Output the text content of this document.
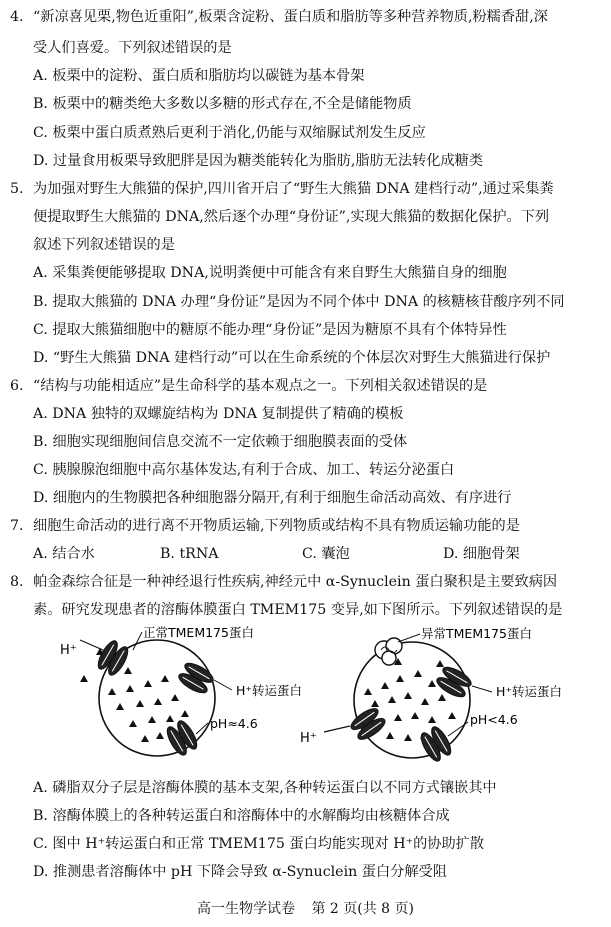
4. “新凉喜见栗,物色近重阳”,板栗含淀粉、蛋白质和脂肪等多种营养物质,粉糯香甜,深
受人们喜爱。下列叙述错误的是
A. 板栗中的淀粉、蛋白质和脂肪均以碳链为基本骨架
B. 板栗中的糖类绝大多数以多糖的形式存在,不全是储能物质
C. 板栗中蛋白质煮熟后更利于消化,仍能与双缩脲试剂发生反应
D. 过量食用板栗导致肥胖是因为糖类能转化为脂肪,脂肪无法转化成糖类
5. 为加强对野生大熊猫的保护,四川省开启了“野生大熊猫 DNA 建档行动”,通过采集粪
便提取野生大熊猫的 DNA,然后逐个办理“身份证”,实现大熊猫的数据化保护。下列
叙述下列叙述错误的是
A. 采集粪便能够提取 DNA,说明粪便中可能含有来自野生大熊猫自身的细胞
B. 提取大熊猫的 DNA 办理“身份证”是因为不同个体中 DNA 的核糖核苷酸序列不同
C. 提取大熊猫细胞中的糖原不能办理“身份证”是因为糖原不具有个体特异性
D. “野生大熊猫 DNA 建档行动”可以在生命系统的个体层次对野生大熊猫进行保护
6. “结构与功能相适应”是生命科学的基本观点之一。下列相关叙述错误的是
A. DNA 独特的双螺旋结构为 DNA 复制提供了精确的模板
B. 细胞实现细胞间信息交流不一定依赖于细胞膜表面的受体
C. 胰腺腺泡细胞中高尔基体发达,有利于合成、加工、转运分泌蛋白
D. 细胞内的生物膜把各种细胞器分隔开,有利于细胞生命活动高效、有序进行
7. 细胞生命活动的进行离不开物质运输,下列物质或结构不具有物质运输功能的是
A. 结合水	B. tRNA	C. 囊泡	D. 细胞骨架
8. 帕金森综合征是一种神经退行性疾病,神经元中 α-Synuclein 蛋白聚积是主要致病因
素。研究发现患者的溶酶体膜蛋白 TMEM175 变异,如下图所示。下列叙述错误的是
H⁺
正常TMEM175蛋白
H⁺转运蛋白
pH≈4.6
异常TMEM175蛋白
H⁺转运蛋白
pH<4.6
H⁺
A. 磷脂双分子层是溶酶体膜的基本支架,各种转运蛋白以不同方式镶嵌其中
B. 溶酶体膜上的各种转运蛋白和溶酶体中的水解酶均由核糖体合成
C. 图中 H⁺转运蛋白和正常 TMEM175 蛋白均能实现对 H⁺的协助扩散
D. 推测患者溶酶体中 pH 下降会导致 α-Synuclein 蛋白分解受阻
高一生物学试卷 第 2 页(共 8 页)
